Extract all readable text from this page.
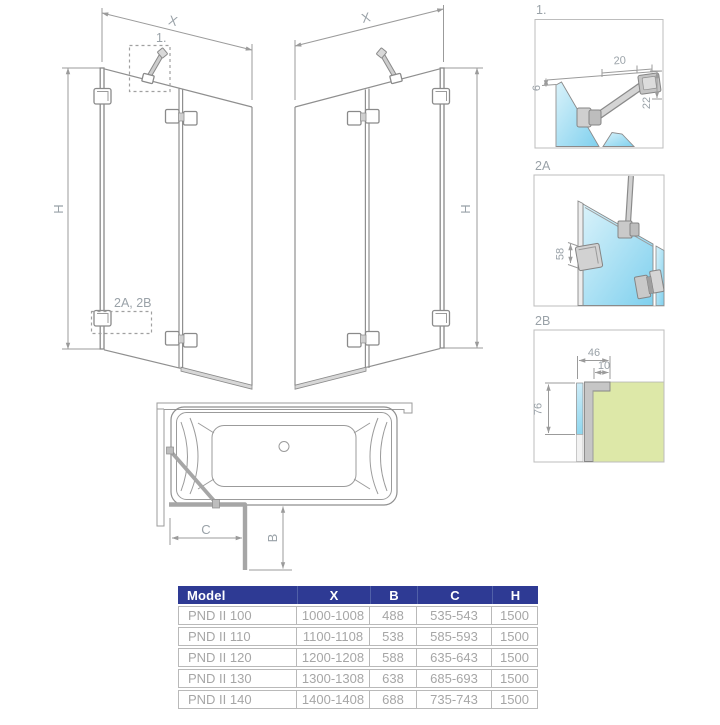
X
H
1.
2A, 2B
X
H
C
B
1.
20
6
22
2A
58
2B
46
10
76
Model	X	B	C	H
PND II 100	1000-1008	488	535-543	1500
PND II 110	1100-1108	538	585-593	1500
PND II 120	1200-1208	588	635-643	1500
PND II 130	1300-1308	638	685-693	1500
PND II 140	1400-1408	688	735-743	1500
